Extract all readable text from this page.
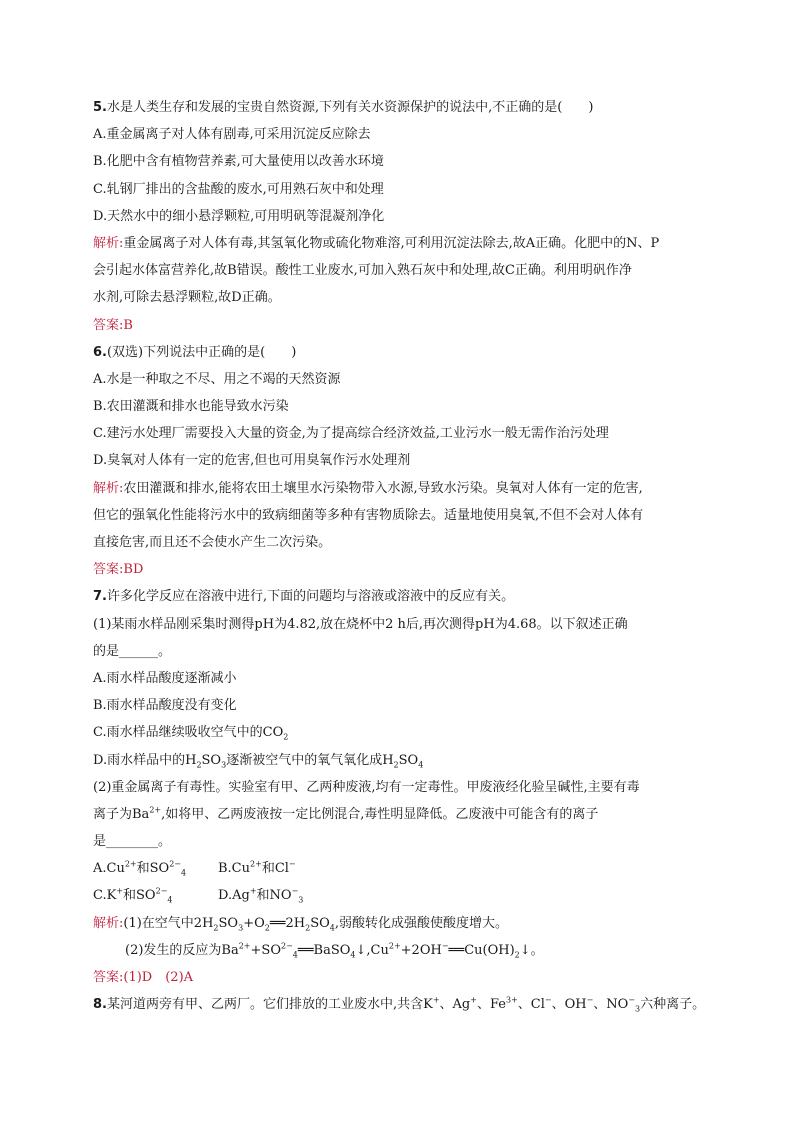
5.水是人类生存和发展的宝贵自然资源,下列有关水资源保护的说法中,不正确的是(　　)
A.重金属离子对人体有剧毒,可采用沉淀反应除去
B.化肥中含有植物营养素,可大量使用以改善水环境
C.轧钢厂排出的含盐酸的废水,可用熟石灰中和处理
D.天然水中的细小悬浮颗粒,可用明矾等混凝剂净化
解析:重金属离子对人体有毒,其氢氧化物或硫化物难溶,可利用沉淀法除去,故A正确。化肥中的N、P
会引起水体富营养化,故B错误。酸性工业废水,可加入熟石灰中和处理,故C正确。利用明矾作净
水剂,可除去悬浮颗粒,故D正确。
答案:B
6.(双选)下列说法中正确的是(　　)
A.水是一种取之不尽、用之不竭的天然资源
B.农田灌溉和排水也能导致水污染
C.建污水处理厂需要投入大量的资金,为了提高综合经济效益,工业污水一般无需作治污处理
D.臭氧对人体有一定的危害,但也可用臭氧作污水处理剂
解析:农田灌溉和排水,能将农田土壤里水污染物带入水源,导致水污染。臭氧对人体有一定的危害,
但它的强氧化性能将污水中的致病细菌等多种有害物质除去。适量地使用臭氧,不但不会对人体有
直接危害,而且还不会使水产生二次污染。
答案:BD
7.许多化学反应在溶液中进行,下面的问题均与溶液或溶液中的反应有关。
(1)某雨水样品刚采集时测得pH为4.82,放在烧杯中2 h后,再次测得pH为4.68。以下叙述正确
的是______。
A.雨水样品酸度逐渐减小
B.雨水样品酸度没有变化
C.雨水样品继续吸收空气中的$CO_2$
D.雨水样品中的$H_2SO_3$逐渐被空气中的氧气氧化成$H_2SO_4$
(2)重金属离子有毒性。实验室有甲、乙两种废液,均有一定毒性。甲废液经化验呈碱性,主要有毒
离子为$Ba^{2+}$,如将甲、乙两废液按一定比例混合,毒性明显降低。乙废液中可能含有的离子
是________。
$A.Cu^{2+}$和$SO^{2-}_4$ $B.Cu^{2+}$和Cl−
C.K+和$SO^{2-}_4$	D.Ag+和$NO^-_3$
解析:(1)在空气中$2H_2SO_3+O_2══2H_2SO_4$,弱酸转化成强酸使酸度增大。
(2)发生的反应为$Ba^{2+}+SO^{2-}_4══BaSO_4↓,Cu^{2+}+2OH^-══Cu(OH)_2↓$。
答案:(1)D　(2)A
8.某河道两旁有甲、乙两厂。它们排放的工业废水中,共含K+、Ag+、$Fe^{3+}$、Cl−、OH−、$NO^-_3$六种离子。
